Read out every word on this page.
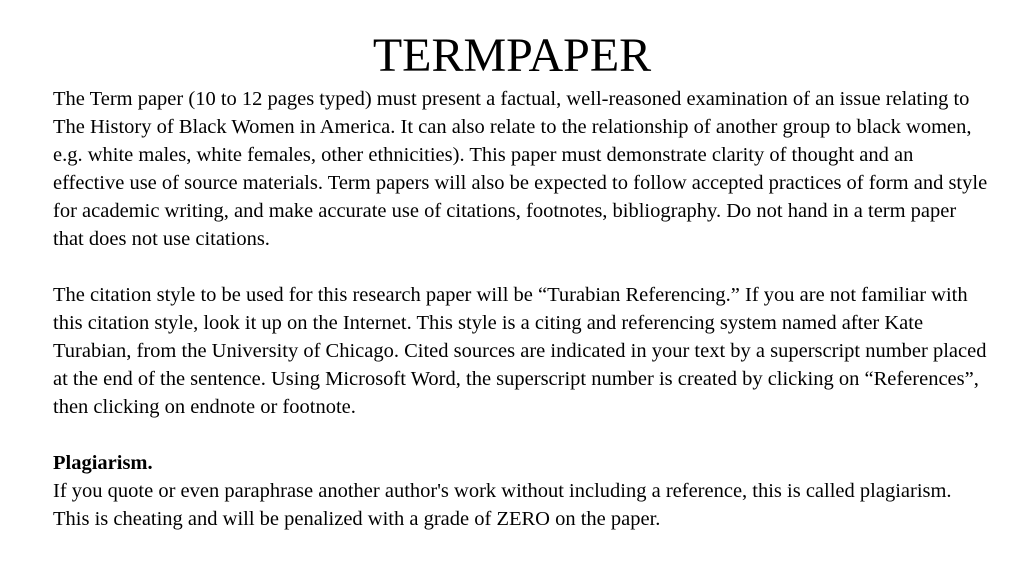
TERMPAPER

The Term paper (10 to 12 pages typed) must present a factual, well-reasoned examination of an issue relating to The History of Black Women in America. It can also relate to the relationship of another group to black women, e.g. white males, white females, other ethnicities). This paper must demonstrate clarity of thought and an effective use of source materials. Term papers will also be expected to follow accepted practices of form and style for academic writing, and make accurate use of citations, footnotes, bibliography. Do not hand in a term paper that does not use citations.

The citation style to be used for this research paper will be “Turabian Referencing.” If you are not familiar with this citation style, look it up on the Internet. This style is a citing and referencing system named after Kate Turabian, from the University of Chicago. Cited sources are indicated in your text by a superscript number placed at the end of the sentence. Using Microsoft Word, the superscript number is created by clicking on “References”, then clicking on endnote or footnote.

Plagiarism.

If you quote or even paraphrase another author's work without including a reference, this is called plagiarism. This is cheating and will be penalized with a grade of ZERO on the paper.
